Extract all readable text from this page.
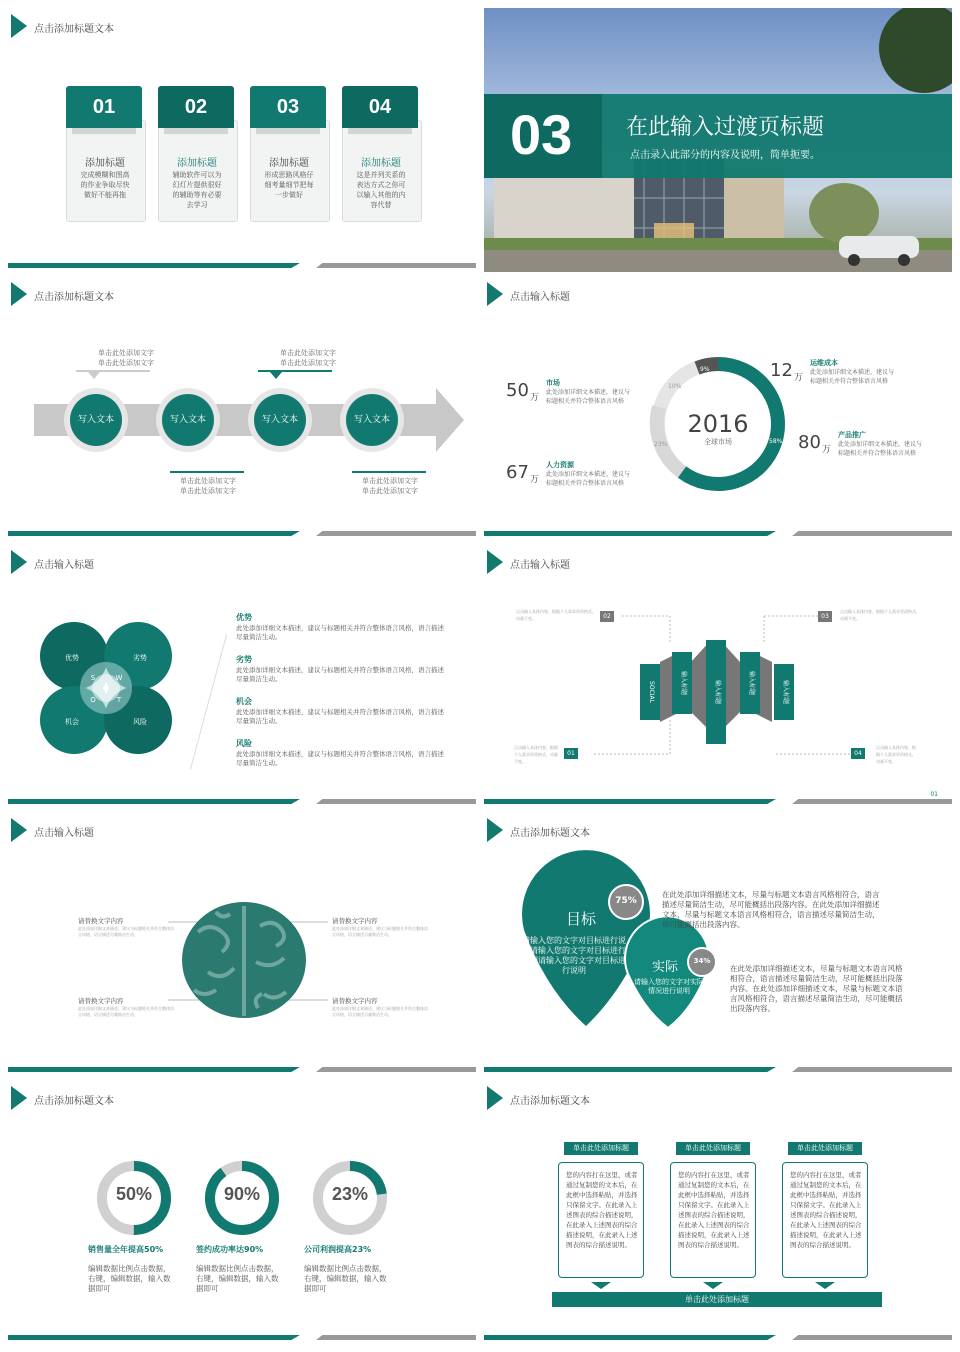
点击添加标题文本
01
添加标题
完成模糊和图高的作业争取尽快做好不能再拖
02
添加标题
辅助软件可以为幻灯片提供很好的辅助等有必要去学习
03
添加标题
形成思路风格仔细考量细节把每一步做好
04
添加标题
这是并列关系的表达方式之你可以输入其他的内容代替
03 在此输入过渡页标题
点击录入此部分的内容及说明，简单扼要。
点击添加标题文本
写入文本	写入文本	写入文本	写入文本
单击此处添加文字
单击此处添加文字
单击此处添加文字
单击此处添加文字
单击此处添加文字
单击此处添加文字
单击此处添加文字
单击此处添加文字
点击输入标题
9%
10%
23%	58%
2016
全球市场
50 万
市场
此处添加详细文本描述，建议与标题相关并符合整体语言风格
67 万
人力资源
此处添加详细文本描述，建议与标题相关并符合整体语言风格
12 万
运维成本
此处添加详细文本描述，建议与标题相关并符合整体语言风格
80 万
产品推广
此处添加详细文本描述，建议与标题相关并符合整体语言风格
点击输入标题
优势	劣势
机会	风险
S	W
O	T
优势
此处添加详细文本描述，建议与标题相关并符合整体语言风格，语言描述尽量简洁生动。
劣势
此处添加详细文本描述，建议与标题相关并符合整体语言风格，语言描述尽量简洁生动。
机会
此处添加详细文本描述，建议与标题相关并符合整体语言风格，语言描述尽量简洁生动。
风险
此处添加详细文本描述，建议与标题相关并符合整体语言风格，语言描述尽量简洁生动。
点击输入标题
SOCIAL	输入标题	输入标题	输入标题	输入标题
01
02	03
04
点击输入具体内容，根据个人需求更改格式，动画不变。
点击输入具体内容，根据个人需求更改格式，动画不变。
点击输入具体内容，根据个人需求更改格式，动画不变。
点击输入具体内容，根据个人需求更改格式，动画不变。
01
点击输入标题
请替换文字内容
此处添加详细文本描述，建议与标题相关并符合整体语言风格，语言描述尽量简洁生动。
请替换文字内容
此处添加详细文本描述，建议与标题相关并符合整体语言风格，语言描述尽量简洁生动。
请替换文字内容
此处添加详细文本描述，建议与标题相关并符合整体语言风格，语言描述尽量简洁生动。
请替换文字内容
此处添加详细文本描述，建议与标题相关并符合整体语言风格，语言描述尽量简洁生动。
点击添加标题文本
目标
请输入您的文字对目标进行说明请输入您的文字对目标进行说明请输入您的文字对目标进行说明
75%
实际
请输入您的文字对实际情况进行说明
34%
在此处添加详细描述文本，尽量与标题文本语言风格相符合，语言描述尽量简洁生动，尽可能概括出段落内容。在此处添加详细描述文本，尽量与标题文本语言风格相符合，语言描述尽量简洁生动，尽可能概括出段落内容。
在此处添加详细描述文本，尽量与标题文本语言风格相符合，语言描述尽量简洁生动，尽可能概括出段落内容。在此处添加详细描述文本，尽量与标题文本语言风格相符合，语言描述尽量简洁生动，尽可能概括出段落内容。
点击添加标题文本
50%
销售量全年提高50%
编辑数据比例点击数据，右键，编辑数据，输入数据即可
90%
签约成功率达90%
编辑数据比例点击数据，右键，编辑数据，输入数据即可
23%
公司利润提高23%
编辑数据比例点击数据，右键，编辑数据，输入数据即可
点击添加标题文本
单击此处添加标题
您的内容打在这里，或者通过复制您的文本后，在此框中选择粘贴，并选择只保留文字。在此录入上述图表的综合描述说明，在此录入上述图表的综合描述说明，在此录入上述图表的综合描述说明。
单击此处添加标题
您的内容打在这里，或者通过复制您的文本后，在此框中选择粘贴，并选择只保留文字。在此录入上述图表的综合描述说明，在此录入上述图表的综合描述说明，在此录入上述图表的综合描述说明。
单击此处添加标题
您的内容打在这里，或者通过复制您的文本后，在此框中选择粘贴，并选择只保留文字。在此录入上述图表的综合描述说明，在此录入上述图表的综合描述说明，在此录入上述图表的综合描述说明。
单击此处添加标题
